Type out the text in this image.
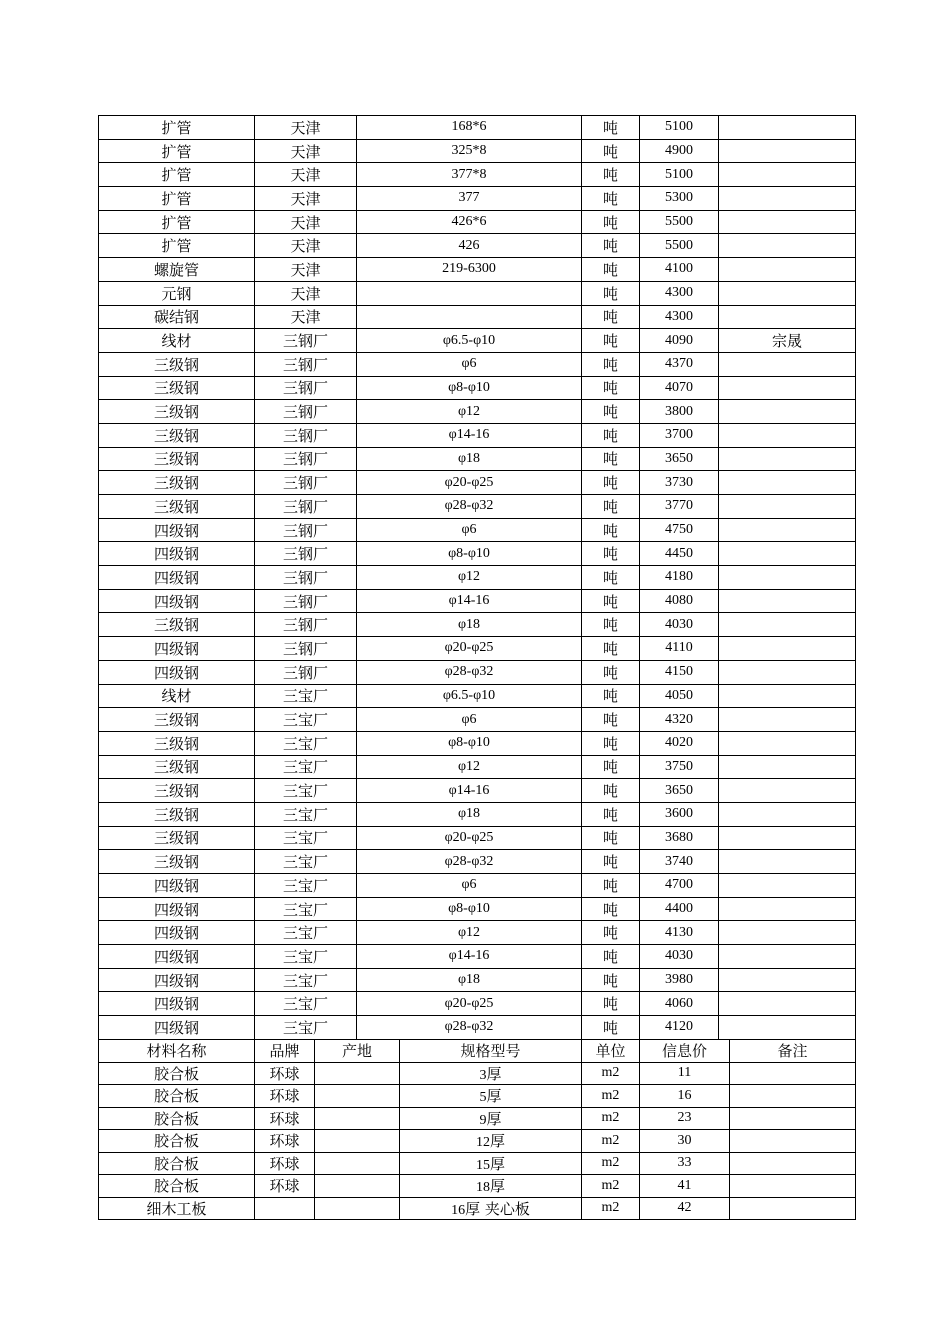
扩管	天津	168*6	吨	5100	
扩管	天津	325*8	吨	4900	
扩管	天津	377*8	吨	5100	
扩管	天津	377	吨	5300	
扩管	天津	426*6	吨	5500	
扩管	天津	426	吨	5500	
螺旋管	天津	219-6300	吨	4100	
元钢	天津		吨	4300	
碳结钢	天津		吨	4300	
线材	三钢厂	φ6.5-φ10	吨	4090	宗晟
三级钢	三钢厂	φ6	吨	4370	
三级钢	三钢厂	φ8-φ10	吨	4070	
三级钢	三钢厂	φ12	吨	3800	
三级钢	三钢厂	φ14-16	吨	3700	
三级钢	三钢厂	φ18	吨	3650	
三级钢	三钢厂	φ20-φ25	吨	3730	
三级钢	三钢厂	φ28-φ32	吨	3770	
四级钢	三钢厂	φ6	吨	4750	
四级钢	三钢厂	φ8-φ10	吨	4450	
四级钢	三钢厂	φ12	吨	4180	
四级钢	三钢厂	φ14-16	吨	4080	
三级钢	三钢厂	φ18	吨	4030	
四级钢	三钢厂	φ20-φ25	吨	4110	
四级钢	三钢厂	φ28-φ32	吨	4150	
线材	三宝厂	φ6.5-φ10	吨	4050	
三级钢	三宝厂	φ6	吨	4320	
三级钢	三宝厂	φ8-φ10	吨	4020	
三级钢	三宝厂	φ12	吨	3750	
三级钢	三宝厂	φ14-16	吨	3650	
三级钢	三宝厂	φ18	吨	3600	
三级钢	三宝厂	φ20-φ25	吨	3680	
三级钢	三宝厂	φ28-φ32	吨	3740	
四级钢	三宝厂	φ6	吨	4700	
四级钢	三宝厂	φ8-φ10	吨	4400	
四级钢	三宝厂	φ12	吨	4130	
四级钢	三宝厂	φ14-16	吨	4030	
四级钢	三宝厂	φ18	吨	3980	
四级钢	三宝厂	φ20-φ25	吨	4060	
四级钢	三宝厂	φ28-φ32	吨	4120	
材料名称	品牌	产地	规格型号	单位	信息价	备注
胶合板	环球		3厚	m2	11	
胶合板	环球		5厚	m2	16	
胶合板	环球		9厚	m2	23	
胶合板	环球		12厚	m2	30	
胶合板	环球		15厚	m2	33	
胶合板	环球		18厚	m2	41	
细木工板			16厚 夹心板	m2	42	
